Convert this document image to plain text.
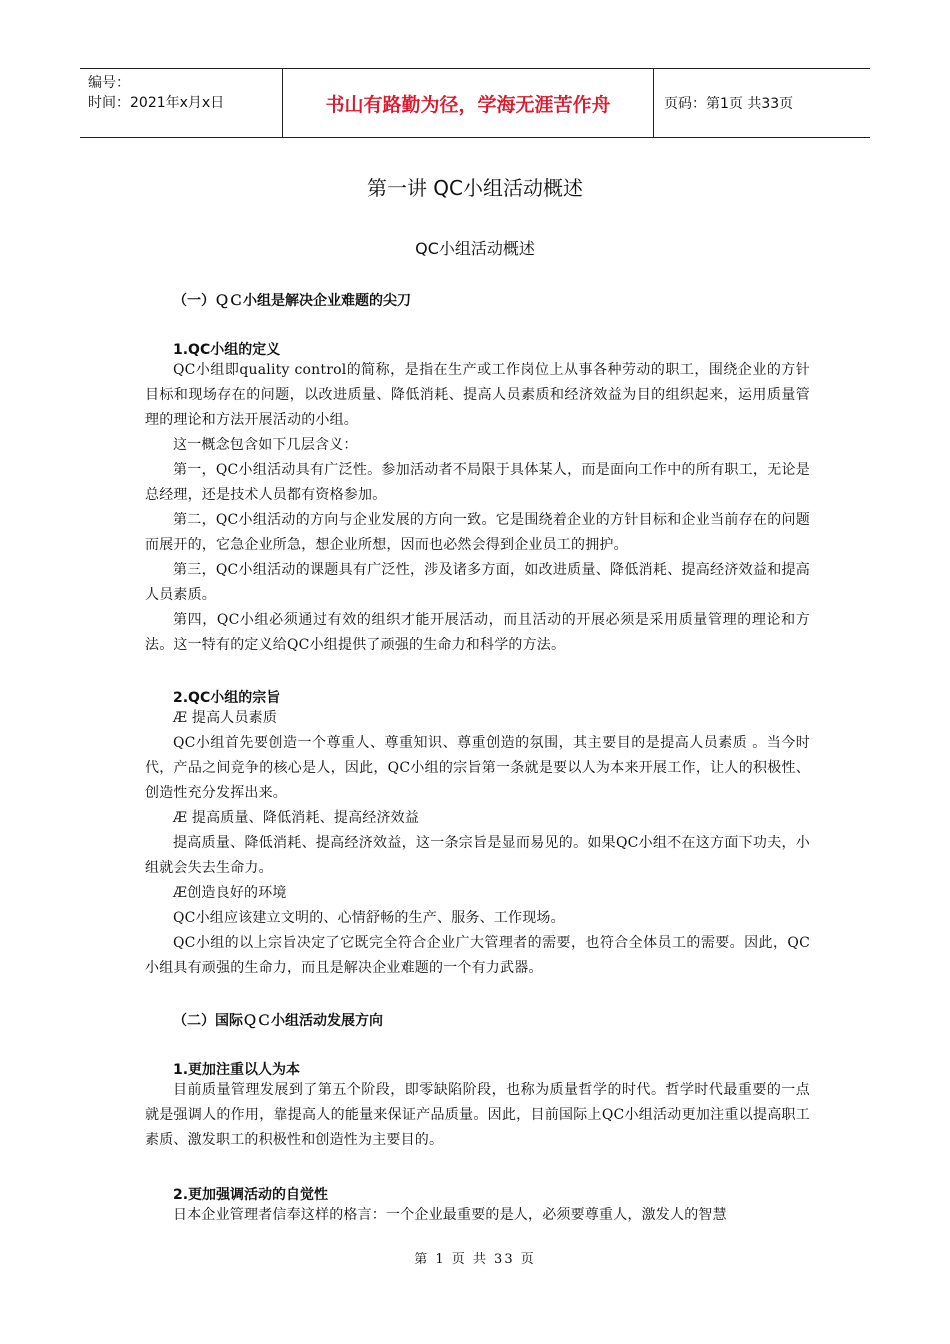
编号：
时间：2021年x月x日	书山有路勤为径，学海无涯苦作舟	页码：第1页 共33页
第一讲 QC小组活动概述
QC小组活动概述
（一）ＱＣ小组是解决企业难题的尖刀
1.QC小组的定义
QC小组即quality control的简称，是指在生产或工作岗位上从事各种劳动的职工，围绕企业的方针目标和现场存在的问题，以改进质量、降低消耗、提高人员素质和经济效益为目的组织起来，运用质量管理的理论和方法开展活动的小组。
这一概念包含如下几层含义：
第一，QC小组活动具有广泛性。参加活动者不局限于具体某人，而是面向工作中的所有职工，无论是总经理，还是技术人员都有资格参加。
第二，QC小组活动的方向与企业发展的方向一致。它是围绕着企业的方针目标和企业当前存在的问题而展开的，它急企业所急，想企业所想，因而也必然会得到企业员工的拥护。
第三，QC小组活动的课题具有广泛性，涉及诸多方面，如改进质量、降低消耗、提高经济效益和提高人员素质。
第四，QC小组必须通过有效的组织才能开展活动，而且活动的开展必须是采用质量管理的理论和方法。这一特有的定义给QC小组提供了顽强的生命力和科学的方法。
2.QC小组的宗旨
Æ 提高人员素质
QC小组首先要创造一个尊重人、尊重知识、尊重创造的氛围，其主要目的是提高人员素质 。当今时代，产品之间竞争的核心是人，因此，QC小组的宗旨第一条就是要以人为本来开展工作，让人的积极性、创造性充分发挥出来。
Æ 提高质量、降低消耗、提高经济效益
提高质量、降低消耗、提高经济效益，这一条宗旨是显而易见的。如果QC小组不在这方面下功夫，小组就会失去生命力。
Æ创造良好的环境
QC小组应该建立文明的、心情舒畅的生产、服务、工作现场。
QC小组的以上宗旨决定了它既完全符合企业广大管理者的需要，也符合全体员工的需要。因此，QC小组具有顽强的生命力，而且是解决企业难题的一个有力武器。
（二）国际ＱＣ小组活动发展方向
1.更加注重以人为本
目前质量管理发展到了第五个阶段，即零缺陷阶段，也称为质量哲学的时代。哲学时代最重要的一点就是强调人的作用，靠提高人的能量来保证产品质量。因此，目前国际上QC小组活动更加注重以提高职工素质、激发职工的积极性和创造性为主要目的。
2.更加强调活动的自觉性
日本企业管理者信奉这样的格言：一个企业最重要的是人，必须要尊重人，激发人的智慧
第 1 页 共 33 页
